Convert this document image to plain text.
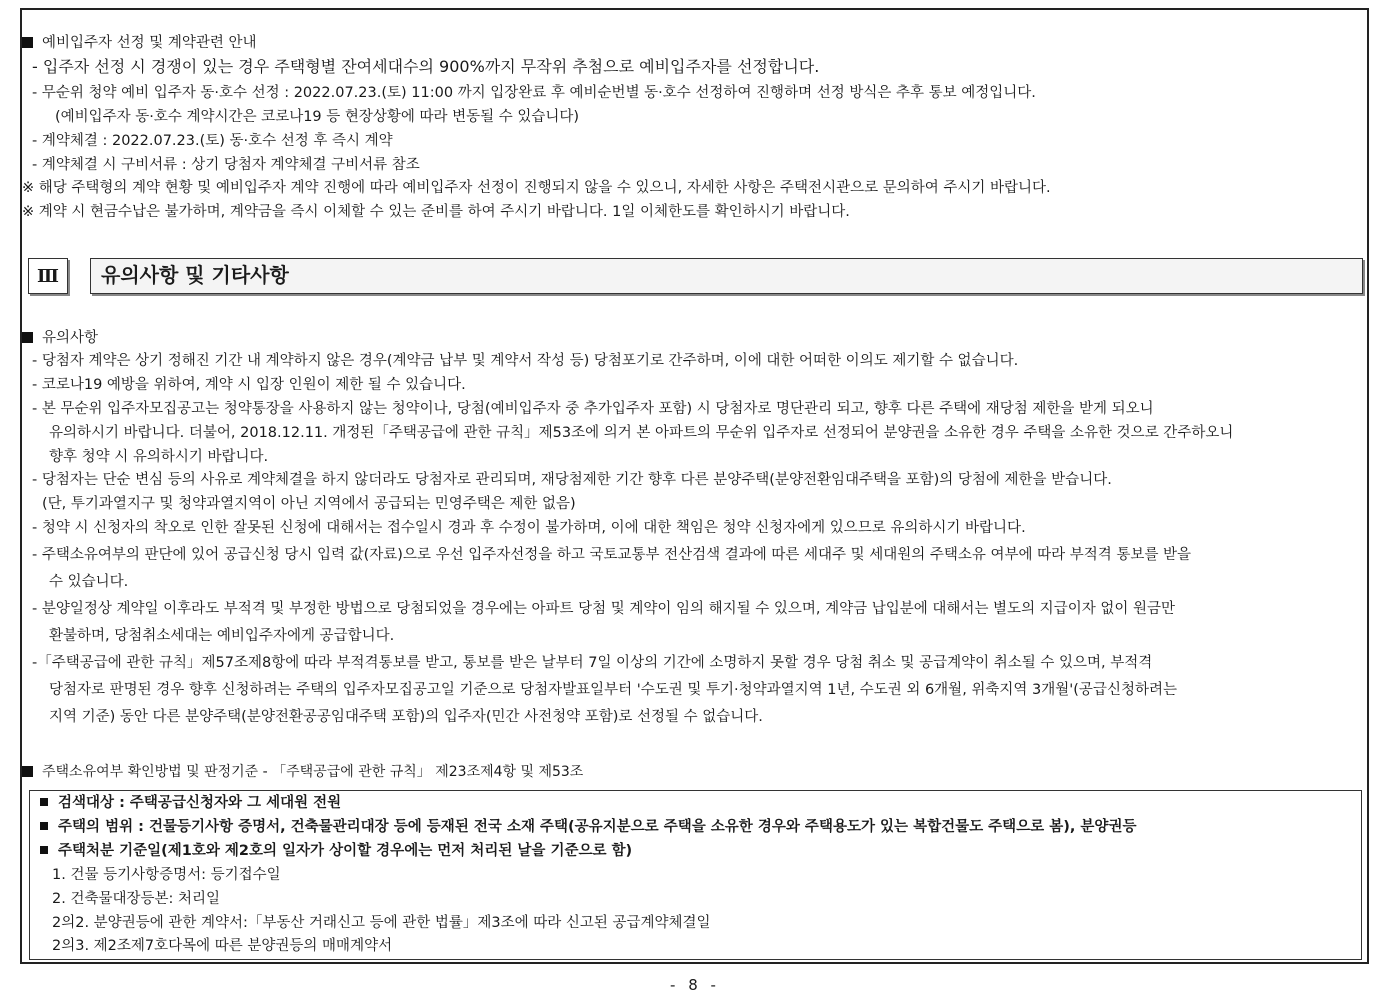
예비입주자 선정 및 계약관련 안내
- 입주자 선정 시 경쟁이 있는 경우 주택형별 잔여세대수의 900%까지 무작위 추첨으로 예비입주자를 선정합니다.
- 무순위 청약 예비 입주자 동·호수 선정 : 2022.07.23.(토) 11:00 까지 입장완료 후 예비순번별 동·호수 선정하여 진행하며 선정 방식은 추후 통보 예정입니다.
(예비입주자 동·호수 계약시간은 코로나19 등 현장상황에 따라 변동될 수 있습니다)
- 계약체결 : 2022.07.23.(토) 동·호수 선정 후 즉시 계약
- 계약체결 시 구비서류 : 상기 당첨자 계약체결 구비서류 참조
※ 해당 주택형의 계약 현황 및 예비입주자 계약 진행에 따라 예비입주자 선정이 진행되지 않을 수 있으니, 자세한 사항은 주택전시관으로 문의하여 주시기 바랍니다.
※ 계약 시 현금수납은 불가하며, 계약금을 즉시 이체할 수 있는 준비를 하여 주시기 바랍니다. 1일 이체한도를 확인하시기 바랍니다.
Ⅲ	유의사항 및 기타사항
유의사항
- 당첨자 계약은 상기 정해진 기간 내 계약하지 않은 경우(계약금 납부 및 계약서 작성 등) 당첨포기로 간주하며, 이에 대한 어떠한 이의도 제기할 수 없습니다.
- 코로나19 예방을 위하여, 계약 시 입장 인원이 제한 될 수 있습니다.
- 본 무순위 입주자모집공고는 청약통장을 사용하지 않는 청약이나, 당첨(예비입주자 중 추가입주자 포함) 시 당첨자로 명단관리 되고, 향후 다른 주택에 재당첨 제한을 받게 되오니
유의하시기 바랍니다. 더불어, 2018.12.11. 개정된「주택공급에 관한 규칙」제53조에 의거 본 아파트의 무순위 입주자로 선정되어 분양권을 소유한 경우 주택을 소유한 것으로 간주하오니
향후 청약 시 유의하시기 바랍니다.
- 당첨자는 단순 변심 등의 사유로 계약체결을 하지 않더라도 당첨자로 관리되며, 재당첨제한 기간 향후 다른 분양주택(분양전환임대주택을 포함)의 당첨에 제한을 받습니다.
(단, 투기과열지구 및 청약과열지역이 아닌 지역에서 공급되는 민영주택은 제한 없음)
- 청약 시 신청자의 착오로 인한 잘못된 신청에 대해서는 접수일시 경과 후 수정이 불가하며, 이에 대한 책임은 청약 신청자에게 있으므로 유의하시기 바랍니다.
- 주택소유여부의 판단에 있어 공급신청 당시 입력 값(자료)으로 우선 입주자선정을 하고 국토교통부 전산검색 결과에 따른 세대주 및 세대원의 주택소유 여부에 따라 부적격 통보를 받을
수 있습니다.
- 분양일정상 계약일 이후라도 부적격 및 부정한 방법으로 당첨되었을 경우에는 아파트 당첨 및 계약이 임의 해지될 수 있으며, 계약금 납입분에 대해서는 별도의 지급이자 없이 원금만
환불하며, 당첨취소세대는 예비입주자에게 공급합니다.
-「주택공급에 관한 규칙」제57조제8항에 따라 부적격통보를 받고, 통보를 받은 날부터 7일 이상의 기간에 소명하지 못할 경우 당첨 취소 및 공급계약이 취소될 수 있으며, 부적격
당첨자로 판명된 경우 향후 신청하려는 주택의 입주자모집공고일 기준으로 당첨자발표일부터 '수도권 및 투기·청약과열지역 1년, 수도권 외 6개월, 위축지역 3개월'(공급신청하려는
지역 기준) 동안 다른 분양주택(분양전환공공임대주택 포함)의 입주자(민간 사전청약 포함)로 선정될 수 없습니다.
주택소유여부 확인방법 및 판정기준 - 「주택공급에 관한 규칙」 제23조제4항 및 제53조
검색대상 : 주택공급신청자와 그 세대원 전원
주택의 범위 : 건물등기사항 증명서, 건축물관리대장 등에 등재된 전국 소재 주택(공유지분으로 주택을 소유한 경우와 주택용도가 있는 복합건물도 주택으로 봄), 분양권등
주택처분 기준일(제1호와 제2호의 일자가 상이할 경우에는 먼저 처리된 날을 기준으로 함)
1. 건물 등기사항증명서: 등기접수일
2. 건축물대장등본: 처리일
2의2. 분양권등에 관한 계약서:「부동산 거래신고 등에 관한 법률」제3조에 따라 신고된 공급계약체결일
2의3. 제2조제7호다목에 따른 분양권등의 매매계약서
- 8 -
